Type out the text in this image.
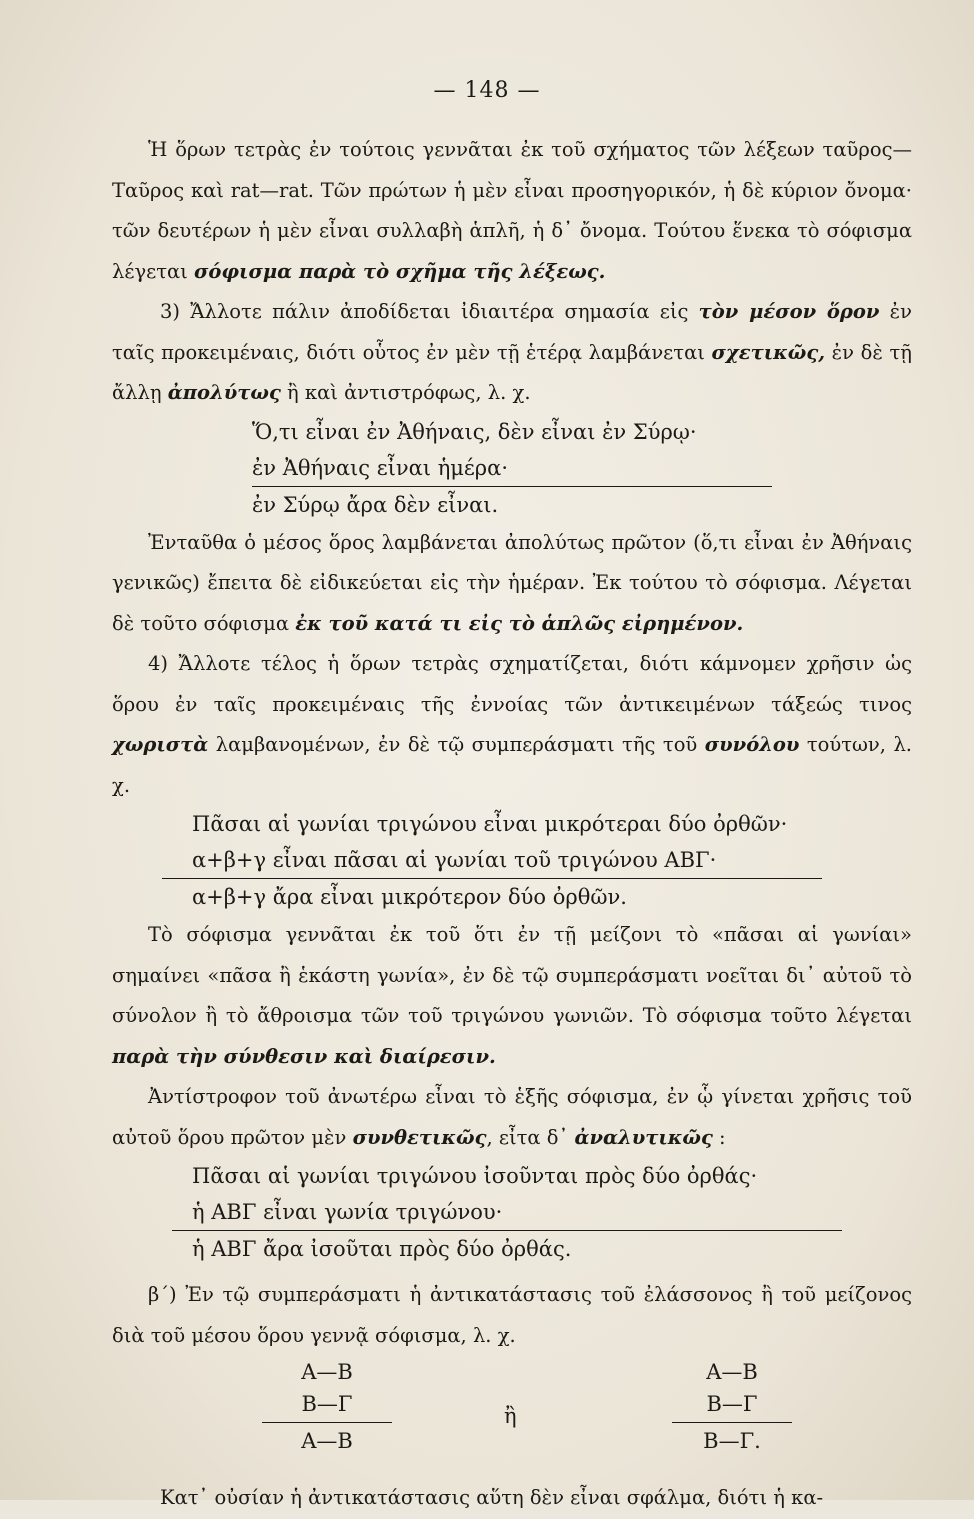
— 148 —

Ἡ ὅρων τετρὰς ἐν τούτοις γεννᾶται ἐκ τοῦ σχήματος τῶν λέξεων ταῦρος—Ταῦρος καὶ rat—rat. Τῶν πρώτων ἡ μὲν εἶναι προσηγορικόν, ἡ δὲ κύριον ὄνομα· τῶν δευτέρων ἡ μὲν εἶναι συλλαβὴ ἁπλῆ, ἡ δ᾽ ὄνομα. Τούτου ἕνεκα τὸ σόφισμα λέγεται σόφισμα παρὰ τὸ σχῆμα τῆς λέξεως.

3) Ἄλλοτε πάλιν ἀποδίδεται ἰδιαιτέρα σημασία εἰς τὸν μέσον ὅρον ἐν ταῖς προκειμέναις, διότι οὗτος ἐν μὲν τῇ ἑτέρᾳ λαμβάνεται σχετικῶς, ἐν δὲ τῇ ἄλλῃ ἀπολύτως ἢ καὶ ἀντιστρόφως, λ. χ.

Ὅ,τι εἶναι ἐν Ἀθήναις, δὲν εἶναι ἐν Σύρῳ·

ἐν Ἀθήναις εἶναι ἡμέρα·

ἐν Σύρῳ ἄρα δὲν εἶναι.

Ἐνταῦθα ὁ μέσος ὅρος λαμβάνεται ἀπολύτως πρῶτον (ὅ,τι εἶναι ἐν Ἀθήναις γενικῶς) ἔπειτα δὲ εἰδικεύεται εἰς τὴν ἡμέραν. Ἐκ τούτου τὸ σόφισμα. Λέγεται δὲ τοῦτο σόφισμα ἐκ τοῦ κατά τι εἰς τὸ ἁπλῶς εἰρημένον.

4) Ἄλλοτε τέλος ἡ ὅρων τετρὰς σχηματίζεται, διότι κάμνομεν χρῆσιν ὡς ὅρου ἐν ταῖς προκειμέναις τῆς ἐννοίας τῶν ἀντικειμένων τάξεώς τινος χωριστὰ λαμβανομένων, ἐν δὲ τῷ συμπεράσματι τῆς τοῦ συνόλου τούτων, λ. χ.

Πᾶσαι αἱ γωνίαι τριγώνου εἶναι μικρότεραι δύο ὀρθῶν·

α+β+γ εἶναι πᾶσαι αἱ γωνίαι τοῦ τριγώνου ΑΒΓ·

α+β+γ ἄρα εἶναι μικρότερον δύο ὀρθῶν.

Τὸ σόφισμα γεννᾶται ἐκ τοῦ ὅτι ἐν τῇ μείζονι τὸ «πᾶσαι αἱ γωνίαι» σημαίνει «πᾶσα ἢ ἑκάστη γωνία», ἐν δὲ τῷ συμπεράσματι νοεῖται δι᾽ αὐτοῦ τὸ σύνολον ἢ τὸ ἄθροισμα τῶν τοῦ τριγώνου γωνιῶν. Τὸ σόφισμα τοῦτο λέγεται παρὰ τὴν σύνθεσιν καὶ διαίρεσιν.

Ἀντίστροφον τοῦ ἀνωτέρω εἶναι τὸ ἑξῆς σόφισμα, ἐν ᾧ γίνεται χρῆσις τοῦ αὐτοῦ ὅρου πρῶτον μὲν συνθετικῶς, εἶτα δ᾽ ἀναλυτικῶς :

Πᾶσαι αἱ γωνίαι τριγώνου ἰσοῦνται πρὸς δύο ὀρθάς·

ἡ ΑΒΓ εἶναι γωνία τριγώνου·

ἡ ΑΒΓ ἄρα ἰσοῦται πρὸς δύο ὀρθάς.

β΄) Ἐν τῷ συμπεράσματι ἡ ἀντικατάστασις τοῦ ἐλάσσονος ἢ τοῦ μείζονος διὰ τοῦ μέσου ὅρου γεννᾷ σόφισμα, λ. χ.

Α—Β
Β—Γ
Α—Β
ἢ
Α—Β
Β—Γ
Β—Γ.

Κατ᾽ οὐσίαν ἡ ἀντικατάστασις αὕτη δὲν εἶναι σφάλμα, διότι ἡ κα-
